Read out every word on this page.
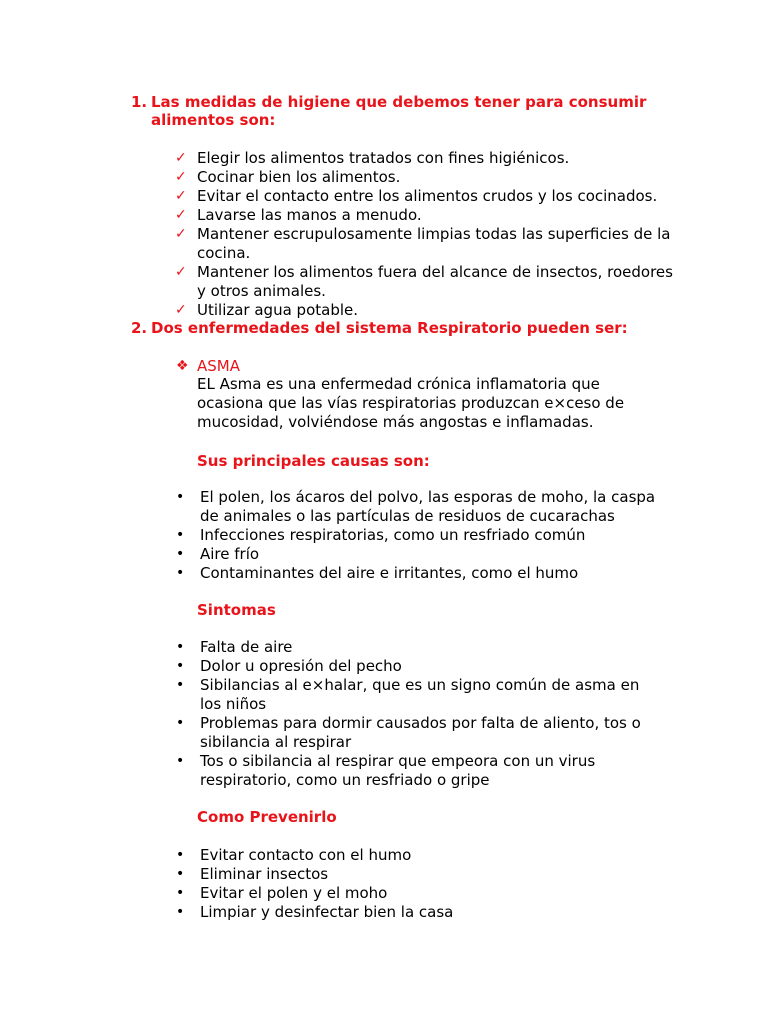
1. Las medidas de higiene que debemos tener para consumir
alimentos son:
✓ Elegir los alimentos tratados con fines higiénicos.
✓ Cocinar bien los alimentos.
✓ Evitar el contacto entre los alimentos crudos y los cocinados.
✓ Lavarse las manos a menudo.
✓ Mantener escrupulosamente limpias todas las superficies de la
cocina.
✓ Mantener los alimentos fuera del alcance de insectos, roedores
y otros animales.
✓ Utilizar agua potable.
2. Dos enfermedades del sistema Respiratorio pueden ser:
❖ ASMA
EL Asma es una enfermedad crónica inflamatoria que
ocasiona que las vías respiratorias produzcan e×ceso de
mucosidad, volviéndose más angostas e inflamadas.
Sus principales causas son:
• El polen, los ácaros del polvo, las esporas de moho, la caspa
de animales o las partículas de residuos de cucarachas
• Infecciones respiratorias, como un resfriado común
• Aire frío
• Contaminantes del aire e irritantes, como el humo
Sintomas
• Falta de aire
• Dolor u opresión del pecho
• Sibilancias al e×halar, que es un signo común de asma en
los niños
• Problemas para dormir causados por falta de aliento, tos o
sibilancia al respirar
• Tos o sibilancia al respirar que empeora con un virus
respiratorio, como un resfriado o gripe
Como Prevenirlo
• Evitar contacto con el humo
• Eliminar insectos
• Evitar el polen y el moho
• Limpiar y desinfectar bien la casa
